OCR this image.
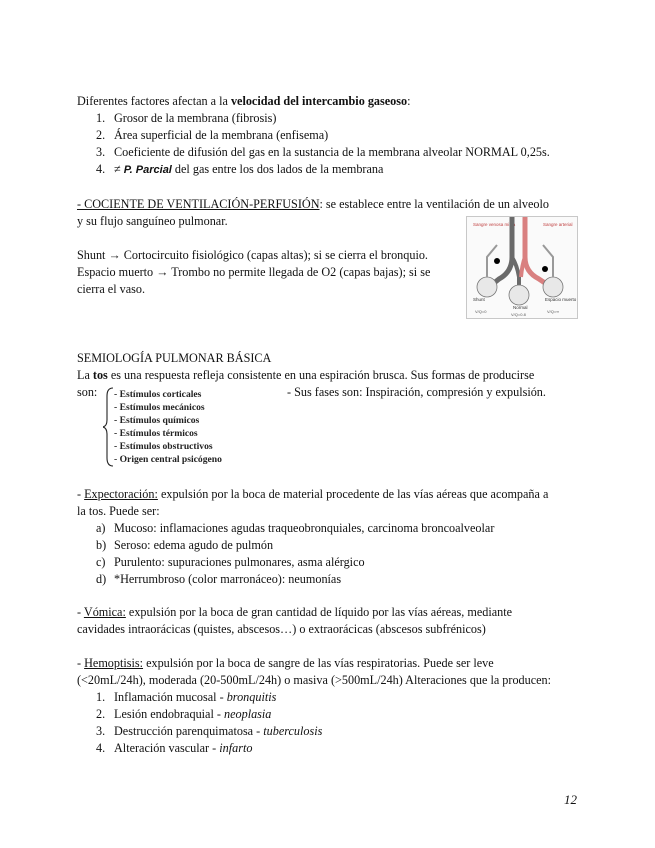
Diferentes factores afectan a la velocidad del intercambio gaseoso:
1. Grosor de la membrana (fibrosis)
2. Área superficial de la membrana (enfisema)
3. Coeficiente de difusión del gas en la sustancia de la membrana alveolar NORMAL 0,25s.
4. ≠ P. Parcial del gas entre los dos lados de la membrana
- COCIENTE DE VENTILACIÓN-PERFUSIÓN: se establece entre la ventilación de un alveolo
y su flujo sanguíneo pulmonar.
Shunt → Cortocircuito fisiológico (capas altas); si se cierra el bronquio.
Espacio muerto → Trombo no permite llegada de O2 (capas bajas); si se
cierra el vaso.
Sangre venosa mixta	Sangre arterial
Shunt	Espacio muerto
Normal
V/Q=0
V/Q=0.8
V/Q=∞
SEMIOLOGÍA PULMONAR BÁSICA
La tos es una respuesta refleja consistente en una espiración brusca. Sus formas de producirse
son:	- Sus fases son: Inspiración, compresión y expulsión.
- Estímulos corticales
- Estímulos mecánicos
- Estímulos químicos
- Estímulos térmicos
- Estímulos obstructivos
- Origen central psicógeno
- Expectoración: expulsión por la boca de material procedente de las vías aéreas que acompaña a
la tos. Puede ser:
a) Mucoso: inflamaciones agudas traqueobronquiales, carcinoma broncoalveolar
b) Seroso: edema agudo de pulmón
c) Purulento: supuraciones pulmonares, asma alérgico
d) *Herrumbroso (color marronáceo): neumonías
- Vómica: expulsión por la boca de gran cantidad de líquido por las vías aéreas, mediante
cavidades intraorácicas (quistes, abscesos…) o extraorácicas (abscesos subfrénicos)
- Hemoptisis: expulsión por la boca de sangre de las vías respiratorias. Puede ser leve
(<20mL/24h), moderada (20-500mL/24h) o masiva (>500mL/24h) Alteraciones que la producen:
1. Inflamación mucosal - bronquitis
2. Lesión endobraquial - neoplasia
3. Destrucción parenquimatosa - tuberculosis
4. Alteración vascular - infarto
12
